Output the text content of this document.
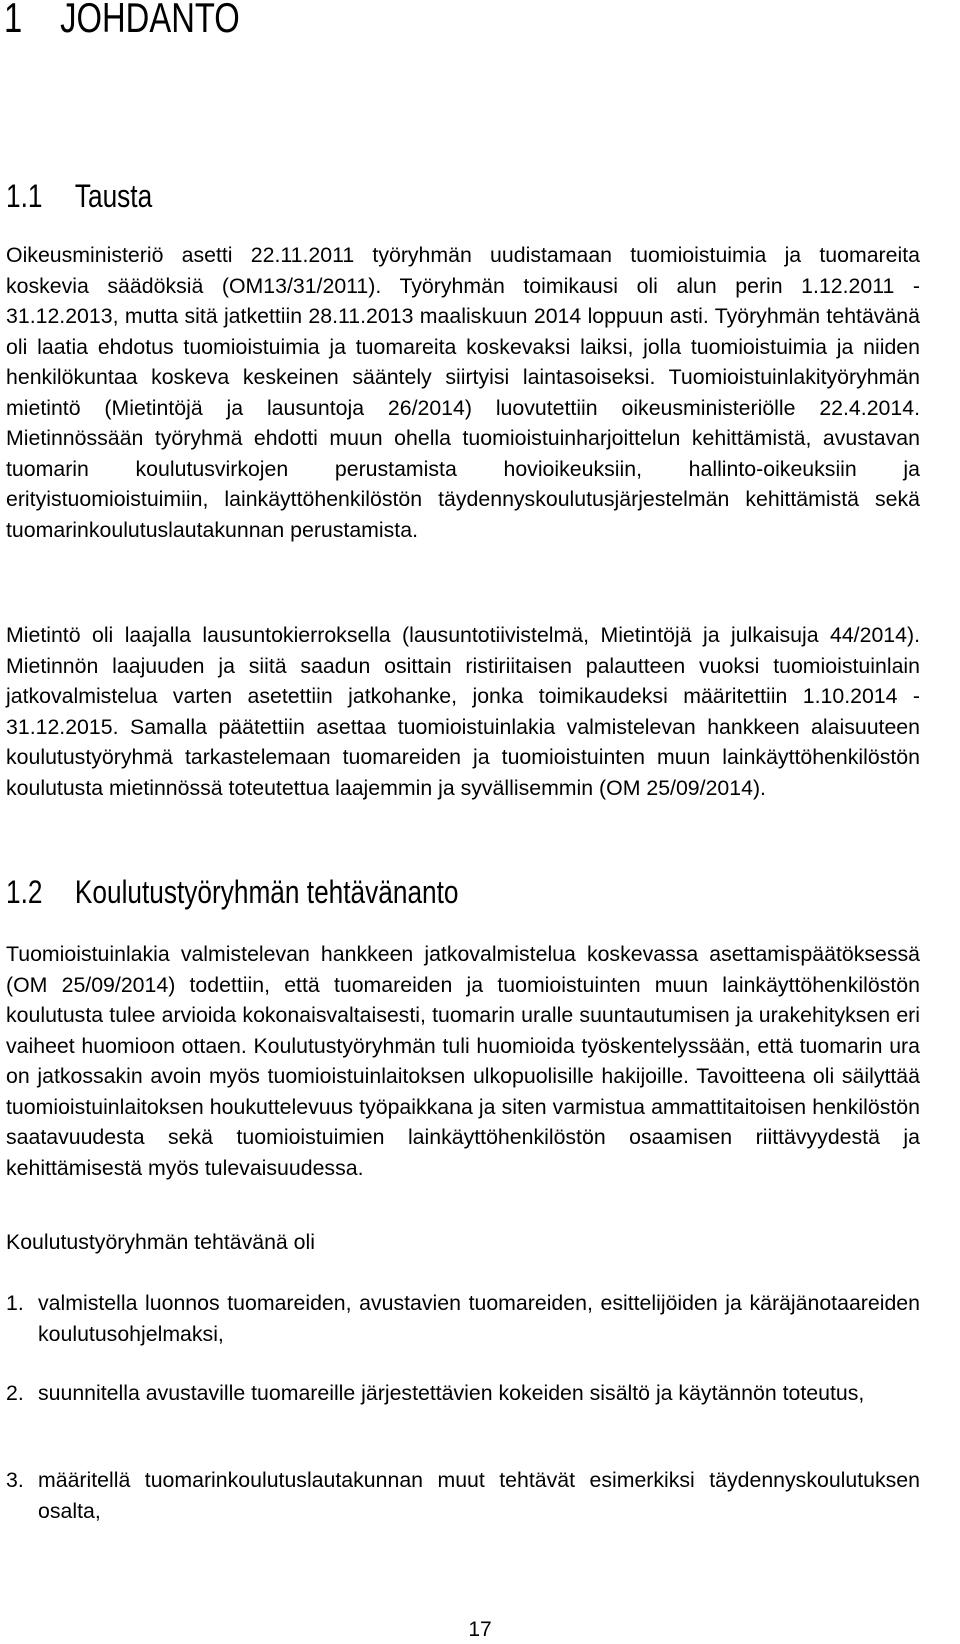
1 JOHDANTO
1.1 Tausta
Oikeusministeriö asetti 22.11.2011 työryhmän uudistamaan tuomioistuimia ja tuomareita koskevia säädöksiä (OM13/31/2011). Työryhmän toimikausi oli alun perin 1.12.2011 - 31.12.2013, mutta sitä jatkettiin 28.11.2013 maaliskuun 2014 loppuun asti. Työryhmän tehtävänä oli laatia ehdotus tuomioistuimia ja tuomareita koskevaksi laiksi, jolla tuomioistuimia ja niiden henkilökuntaa koskeva keskeinen sääntely siirtyisi laintasoiseksi. Tuomioistuinlakityöryhmän mietintö (Mietintöjä ja lausuntoja 26/2014) luovutettiin oikeusministeriölle 22.4.2014. Mietinnössään työryhmä ehdotti muun ohella tuomioistuinharjoittelun kehittämistä, avustavan tuomarin koulutusvirkojen perustamista hovioikeuksiin, hallinto-oikeuksiin ja erityistuomioistuimiin, lainkäyttöhenkilöstön täydennyskoulutusjärjestelmän kehittämistä sekä tuomarinkoulutuslautakunnan perustamista.
Mietintö oli laajalla lausuntokierroksella (lausuntotiivistelmä, Mietintöjä ja julkaisuja 44/2014). Mietinnön laajuuden ja siitä saadun osittain ristiriitaisen palautteen vuoksi tuomioistuinlain jatkovalmistelua varten asetettiin jatkohanke, jonka toimikaudeksi määritettiin 1.10.2014 - 31.12.2015. Samalla päätettiin asettaa tuomioistuinlakia valmistelevan hankkeen alaisuuteen koulutustyöryhmä tarkastelemaan tuomareiden ja tuomioistuinten muun lainkäyttöhenkilöstön koulutusta mietinnössä toteutettua laajemmin ja syvällisemmin (OM 25/09/2014).
1.2 Koulutustyöryhmän tehtävänanto
Tuomioistuinlakia valmistelevan hankkeen jatkovalmistelua koskevassa asettamispäätöksessä (OM 25/09/2014) todettiin, että tuomareiden ja tuomioistuinten muun lainkäyttöhenkilöstön koulutusta tulee arvioida kokonaisvaltaisesti, tuomarin uralle suuntautumisen ja urakehityksen eri vaiheet huomioon ottaen. Koulutustyöryhmän tuli huomioida työskentelyssään, että tuomarin ura on jatkossakin avoin myös tuomioistuinlaitoksen ulkopuolisille hakijoille. Tavoitteena oli säilyttää tuomioistuinlaitoksen houkuttelevuus työpaikkana ja siten varmistua ammattitaitoisen henkilöstön saatavuudesta sekä tuomioistuimien lainkäyttöhenkilöstön osaamisen riittävyydestä ja kehittämisestä myös tulevaisuudessa.
Koulutustyöryhmän tehtävänä oli
1. valmistella luonnos tuomareiden, avustavien tuomareiden, esittelijöiden ja käräjänotaareiden koulutusohjelmaksi,
2. suunnitella avustaville tuomareille järjestettävien kokeiden sisältö ja käytännön toteutus,
3. määritellä tuomarinkoulutuslautakunnan muut tehtävät esimerkiksi täydennyskoulutuksen osalta,
17
